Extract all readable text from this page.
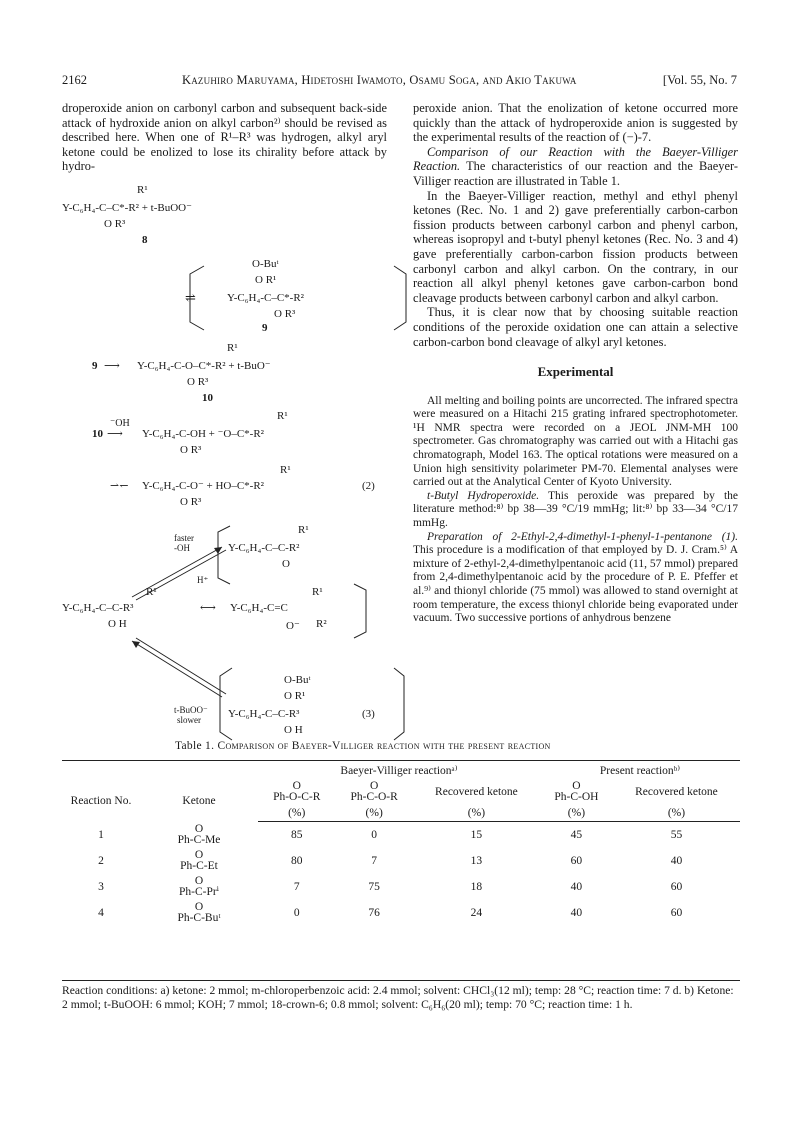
2162	Kazuhiro Maruyama, Hidetoshi Iwamoto, Osamu Soga, and Akio Takuwa	[Vol. 55, No. 7

droperoxide anion on carbonyl carbon and subsequent back-side attack of hydroxide anion on alkyl carbon²⁾ should be revised as described here. When one of R¹–R³ was hydrogen, alkyl aryl ketone could be enolized to lose its chirality before attack by hydro-

R¹
Y-C₆H₄-C–C*-R² + t-BuOO⁻
O R³
8
O-Buᵗ
O R¹
Y-C₆H₄-C–C*-R²
O R³
⇌
9
R¹
9 ⟶ Y-C₆H₄-C-O–C*-R² + t-BuO⁻
O R³
10
R¹
⁻OH
10 ⟶ Y-C₆H₄-C-OH + ⁻O–C*-R²
O R³
R¹
⇀↽ Y-C₆H₄-C-O⁻ + HO–C*-R²
O R³
(2)
faster
-OH
R¹
Y-C₆H₄-C–C-R²
O
H⁺
R¹
Y-C₆H₄-C–C-R³
O H
⟷ Y-C₆H₄-C=C
R¹
R²
O⁻
O-Buᵗ
O R¹
Y-C₆H₄-C–C-R³
O H
t-BuOO⁻
slower	(3)

peroxide anion. That the enolization of ketone occurred more quickly than the attack of hydroperoxide anion is suggested by the experimental results of the reaction of (−)-7.

Comparison of our Reaction with the Baeyer-Villiger Reaction. The characteristics of our reaction and the Baeyer-Villiger reaction are illustrated in Table 1.

In the Baeyer-Villiger reaction, methyl and ethyl phenyl ketones (Rec. No. 1 and 2) gave preferentially carbon-carbon fission products between carbonyl carbon and phenyl carbon, whereas isopropyl and t-butyl phenyl ketones (Rec. No. 3 and 4) gave preferentially carbon-carbon fission products between carbonyl carbon and alkyl carbon. On the contrary, in our reaction all alkyl phenyl ketones gave carbon-carbon bond cleavage products between carbonyl carbon and alkyl carbon.

Thus, it is clear now that by choosing suitable reaction conditions of the peroxide oxidation one can attain a selective carbon-carbon bond cleavage of alkyl aryl ketones.

Experimental

All melting and boiling points are uncorrected. The infrared spectra were measured on a Hitachi 215 grating infrared spectrophotometer. ¹H NMR spectra were recorded on a JEOL JNM-MH 100 spectrometer. Gas chromatography was carried out with a Hitachi gas chromatograph, Model 163. The optical rotations were measured on a Union high sensitivity polarimeter PM-70. Elemental analyses were carried out at the Analytical Center of Kyoto University.

t-Butyl Hydroperoxide. This peroxide was prepared by the literature method:⁸⁾ bp 38—39 °C/19 mmHg; lit:⁸⁾ bp 33—34 °C/17 mmHg.

Preparation of 2-Ethyl-2,4-dimethyl-1-phenyl-1-pentanone (1). This procedure is a modification of that employed by D. J. Cram.⁵⁾ A mixture of 2-ethyl-2,4-dimethylpentanoic acid (11, 57 mmol) prepared from 2,4-dimethylpentanoic acid by the procedure of P. E. Pfeffer et al.⁹⁾ and thionyl chloride (75 mmol) was allowed to stand overnight at room temperature, the excess thionyl chloride being evaporated under vacuum. Two successive portions of anhydrous benzene

Table 1. Comparison of Baeyer-Villiger reaction with the present reaction
		Baeyer-Villiger reactionᵃ⁾			Present reactionᵇ⁾	
Reaction No.	Ketone	O
Ph-O-C-R	O
Ph-C-O-R	Recovered ketone	O
Ph-C-OH	Recovered ketone
		(%)	(%)	(%)	(%)	(%)

1	O
Ph-C-Me	85	0	15	45	55
2	O
Ph-C-Et	80	7	13	60	40
3	O
Ph-C-Prⁱ	7	75	18	40	60
4	O
Ph-C-Buᵗ	0	76	24	40	60
Reaction conditions: a) ketone: 2 mmol; m-chloroperbenzoic acid: 2.4 mmol; solvent: CHCl₃(12 ml); temp: 28 °C; reaction time: 7 d. b) Ketone: 2 mmol; t-BuOOH: 6 mmol; KOH; 7 mmol; 18-crown-6; 0.8 mmol; solvent: C₆H₆(20 ml); temp: 70 °C; reaction time: 1 h.
